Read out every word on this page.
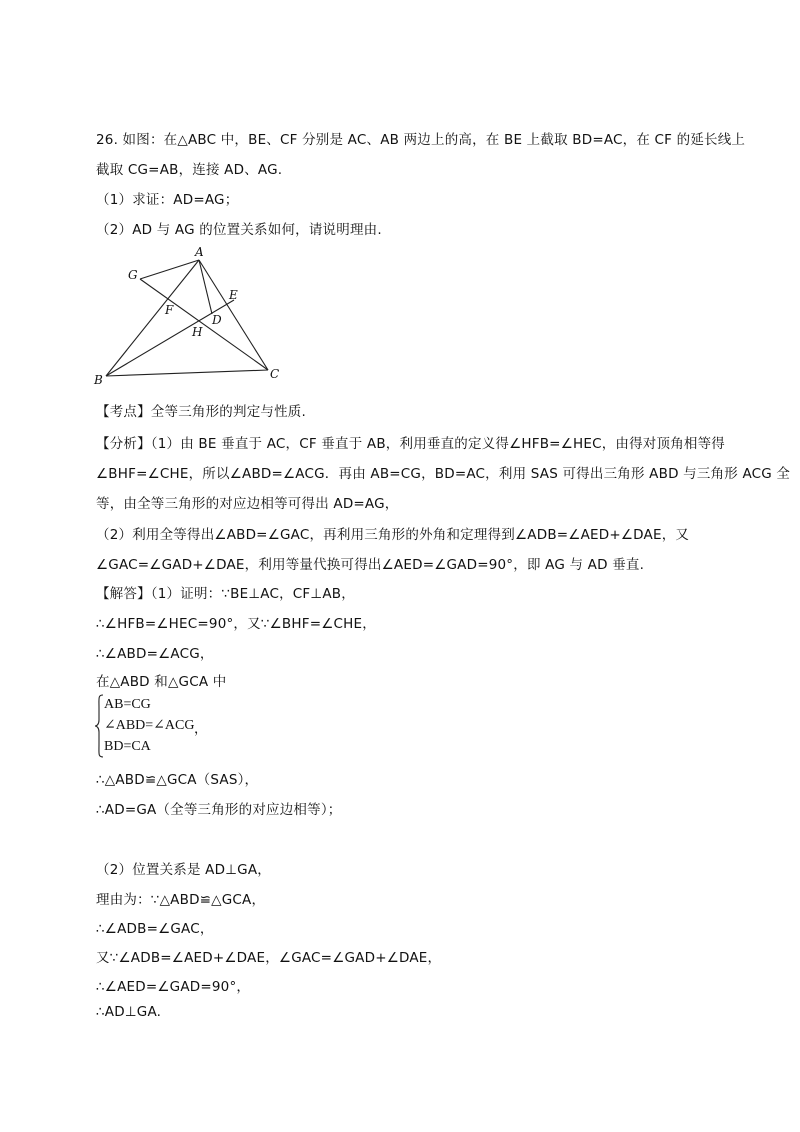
26. 如图：在△ABC 中，BE、CF 分别是 AC、AB 两边上的高，在 BE 上截取 BD=AC，在 CF 的延长线上
截取 CG=AB，连接 AD、AG.
（1）求证：AD=AG；
（2）AD 与 AG 的位置关系如何，请说明理由.
A
G
E
F
D
H
B	C
【考点】全等三角形的判定与性质.
【分析】（1）由 BE 垂直于 AC，CF 垂直于 AB，利用垂直的定义得∠HFB=∠HEC，由得对顶角相等得
∠BHF=∠CHE，所以∠ABD=∠ACG．再由 AB=CG，BD=AC，利用 SAS 可得出三角形 ABD 与三角形 ACG 全
等，由全等三角形的对应边相等可得出 AD=AG，
（2）利用全等得出∠ABD=∠GAC，再利用三角形的外角和定理得到∠ADB=∠AED+∠DAE，又
∠GAC=∠GAD+∠DAE，利用等量代换可得出∠AED=∠GAD=90°，即 AG 与 AD 垂直.
【解答】（1）证明：∵BE⊥AC，CF⊥AB，
∴∠HFB=∠HEC=90°，又∵∠BHF=∠CHE，
∴∠ABD=∠ACG，
在△ABD 和△GCA 中
AB=CG
∠ABD=∠ACG
BD=CA
，
∴△ABD≌△GCA（SAS），
∴AD=GA（全等三角形的对应边相等）；
（2）位置关系是 AD⊥GA，
理由为：∵△ABD≌△GCA，
∴∠ADB=∠GAC，
又∵∠ADB=∠AED+∠DAE，∠GAC=∠GAD+∠DAE，
∴∠AED=∠GAD=90°，
∴AD⊥GA.
